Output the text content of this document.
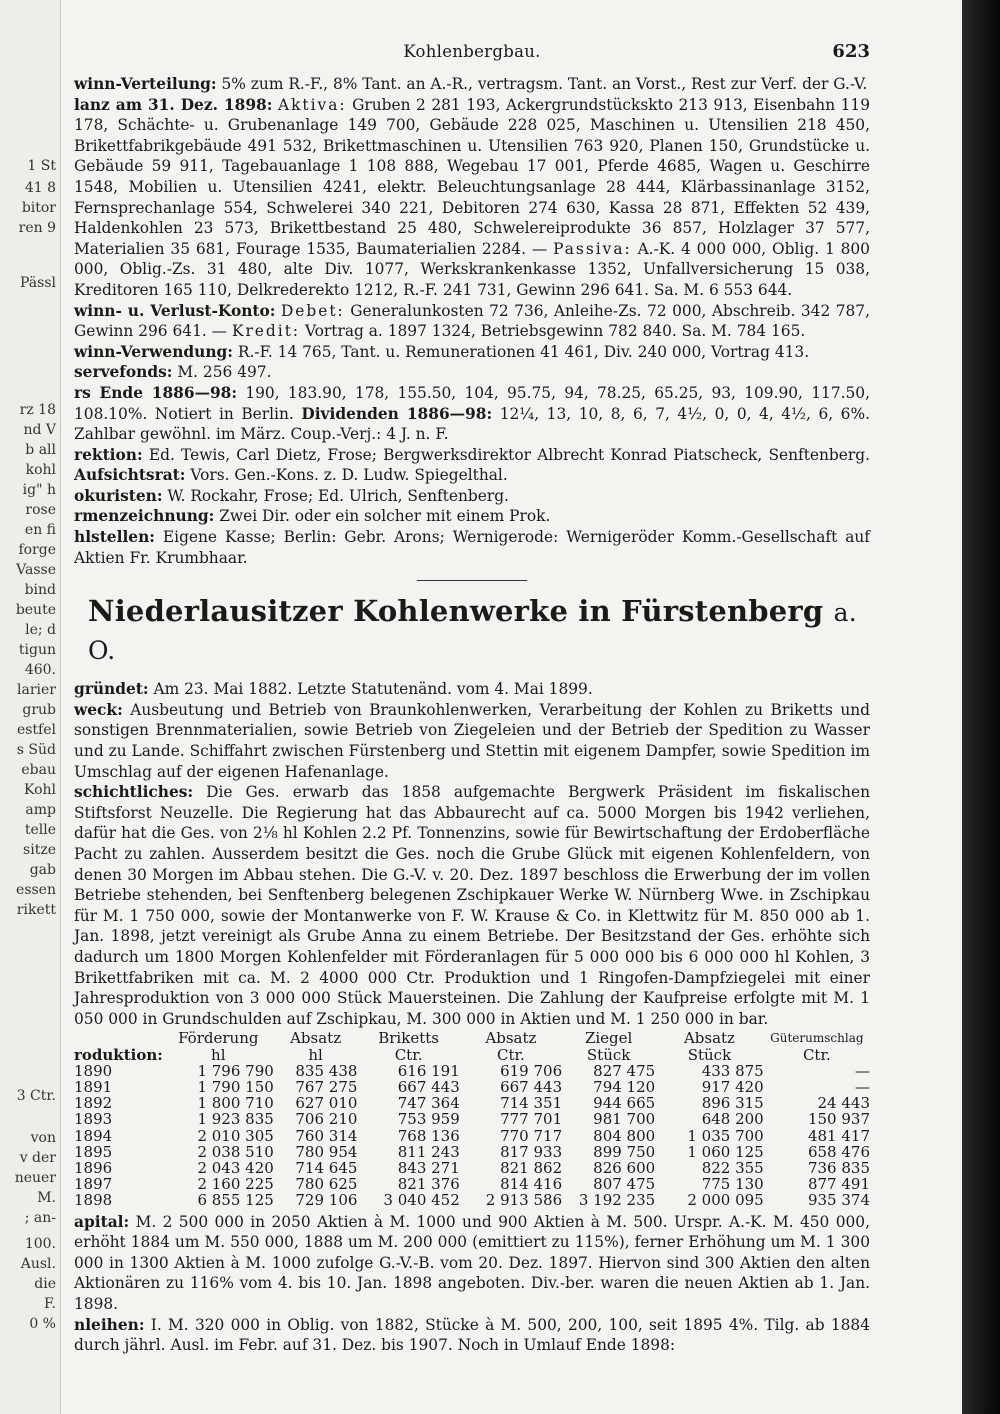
1 St
41 8
bitor
ren 9
Pässl
rz 18
nd V
b all
kohl
ig" h
rose
en fi
forge
Vasse
bind
beute
le; d
tigun
460.
larier
grub
estfel
s Süd
ebau
Kohl
amp
telle
sitze
gab
essen
rikett
3 Ctr.
von
v der
neuer
M.
; an-
100.
Ausl.
die
F.
0 %
Kohlenbergbau.	623

winn-Verteilung: 5% zum R.-F., 8% Tant. an A.-R., vertragsm. Tant. an Vorst., Rest zur Verf. der G.-V.

lanz am 31. Dez. 1898: Aktiva: Gruben 2 281 193, Ackergrundstückskto 213 913, Eisenbahn 119 178, Schächte- u. Grubenanlage 149 700, Gebäude 228 025, Maschinen u. Utensilien 218 450, Brikettfabrikgebäude 491 532, Brikettmaschinen u. Utensilien 763 920, Planen 150, Grundstücke u. Gebäude 59 911, Tagebauanlage 1 108 888, Wegebau 17 001, Pferde 4685, Wagen u. Geschirre 1548, Mobilien u. Utensilien 4241, elektr. Beleuchtungsanlage 28 444, Klärbassinanlage 3152, Fernsprechanlage 554, Schwelerei 340 221, Debitoren 274 630, Kassa 28 871, Effekten 52 439, Haldenkohlen 23 573, Brikettbestand 25 480, Schwelereiprodukte 36 857, Holzlager 37 577, Materialien 35 681, Fourage 1535, Baumaterialien 2284. — Passiva: A.-K. 4 000 000, Oblig. 1 800 000, Oblig.-Zs. 31 480, alte Div. 1077, Werkskrankenkasse 1352, Unfallversicherung 15 038, Kreditoren 165 110, Delkrederekto 1212, R.-F. 241 731, Gewinn 296 641. Sa. M. 6 553 644.

winn- u. Verlust-Konto: Debet: Generalunkosten 72 736, Anleihe-Zs. 72 000, Abschreib. 342 787, Gewinn 296 641. — Kredit: Vortrag a. 1897 1324, Betriebsgewinn 782 840. Sa. M. 784 165.

winn-Verwendung: R.-F. 14 765, Tant. u. Remunerationen 41 461, Div. 240 000, Vortrag 413.

servefonds: M. 256 497.

rs Ende 1886—98: 190, 183.90, 178, 155.50, 104, 95.75, 94, 78.25, 65.25, 93, 109.90, 117.50, 108.10%. Notiert in Berlin. Dividenden 1886—98: 12¼, 13, 10, 8, 6, 7, 4½, 0, 0, 4, 4½, 6, 6%. Zahlbar gewöhnl. im März. Coup.-Verj.: 4 J. n. F.

rektion: Ed. Tewis, Carl Dietz, Frose; Bergwerksdirektor Albrecht Konrad Piatscheck, Senftenberg. Aufsichtsrat: Vors. Gen.-Kons. z. D. Ludw. Spiegelthal.

okuristen: W. Rockahr, Frose; Ed. Ulrich, Senftenberg.

rmenzeichnung: Zwei Dir. oder ein solcher mit einem Prok.

hlstellen: Eigene Kasse; Berlin: Gebr. Arons; Wernigerode: Wernigeröder Komm.-Gesellschaft auf Aktien Fr. Krumbhaar.

Niederlausitzer Kohlenwerke in Fürstenberg a. O.

gründet: Am 23. Mai 1882. Letzte Statutenänd. vom 4. Mai 1899.

weck: Ausbeutung und Betrieb von Braunkohlenwerken, Verarbeitung der Kohlen zu Briketts und sonstigen Brennmaterialien, sowie Betrieb von Ziegeleien und der Betrieb der Spedition zu Wasser und zu Lande. Schiffahrt zwischen Fürstenberg und Stettin mit eigenem Dampfer, sowie Spedition im Umschlag auf der eigenen Hafenanlage.

schichtliches: Die Ges. erwarb das 1858 aufgemachte Bergwerk Präsident im fiskalischen Stiftsforst Neuzelle. Die Regierung hat das Abbaurecht auf ca. 5000 Morgen bis 1942 verliehen, dafür hat die Ges. von 2⅛ hl Kohlen 2.2 Pf. Tonnenzins, sowie für Bewirtschaftung der Erdoberfläche Pacht zu zahlen. Ausserdem besitzt die Ges. noch die Grube Glück mit eigenen Kohlenfeldern, von denen 30 Morgen im Abbau stehen. Die G.-V. v. 20. Dez. 1897 beschloss die Erwerbung der im vollen Betriebe stehenden, bei Senftenberg belegenen Zschipkauer Werke W. Nürnberg Wwe. in Zschipkau für M. 1 750 000, sowie der Montanwerke von F. W. Krause & Co. in Klettwitz für M. 850 000 ab 1. Jan. 1898, jetzt vereinigt als Grube Anna zu einem Betriebe. Der Besitzstand der Ges. erhöhte sich dadurch um 1800 Morgen Kohlenfelder mit Förderanlagen für 5 000 000 bis 6 000 000 hl Kohlen, 3 Brikettfabriken mit ca. M. 2 4000 000 Ctr. Produktion und 1 Ringofen-Dampfziegelei mit einer Jahresproduktion von 3 000 000 Stück Mauersteinen. Die Zahlung der Kaufpreise erfolgte mit M. 1 050 000 in Grundschulden auf Zschipkau, M. 300 000 in Aktien und M. 1 250 000 in bar.

	Förderung	Absatz	Briketts	Absatz	Ziegel	Absatz	Güterumschlag
roduktion:	hl	hl	Ctr.	Ctr.	Stück	Stück	Ctr.
1890	1 796 790	835 438	616 191	619 706	827 475	433 875	—
1891	1 790 150	767 275	667 443	667 443	794 120	917 420	—
1892	1 800 710	627 010	747 364	714 351	944 665	896 315	24 443
1893	1 923 835	706 210	753 959	777 701	981 700	648 200	150 937
1894	2 010 305	760 314	768 136	770 717	804 800	1 035 700	481 417
1895	2 038 510	780 954	811 243	817 933	899 750	1 060 125	658 476
1896	2 043 420	714 645	843 271	821 862	826 600	822 355	736 835
1897	2 160 225	780 625	821 376	814 416	807 475	775 130	877 491
1898	6 855 125	729 106	3 040 452	2 913 586	3 192 235	2 000 095	935 374

apital: M. 2 500 000 in 2050 Aktien à M. 1000 und 900 Aktien à M. 500. Urspr. A.-K. M. 450 000, erhöht 1884 um M. 550 000, 1888 um M. 200 000 (emittiert zu 115%), ferner Erhöhung um M. 1 300 000 in 1300 Aktien à M. 1000 zufolge G.-V.-B. vom 20. Dez. 1897. Hiervon sind 300 Aktien den alten Aktionären zu 116% vom 4. bis 10. Jan. 1898 angeboten. Div.-ber. waren die neuen Aktien ab 1. Jan. 1898.

nleihen: I. M. 320 000 in Oblig. von 1882, Stücke à M. 500, 200, 100, seit 1895 4%. Tilg. ab 1884 durch jährl. Ausl. im Febr. auf 31. Dez. bis 1907. Noch in Umlauf Ende 1898:
